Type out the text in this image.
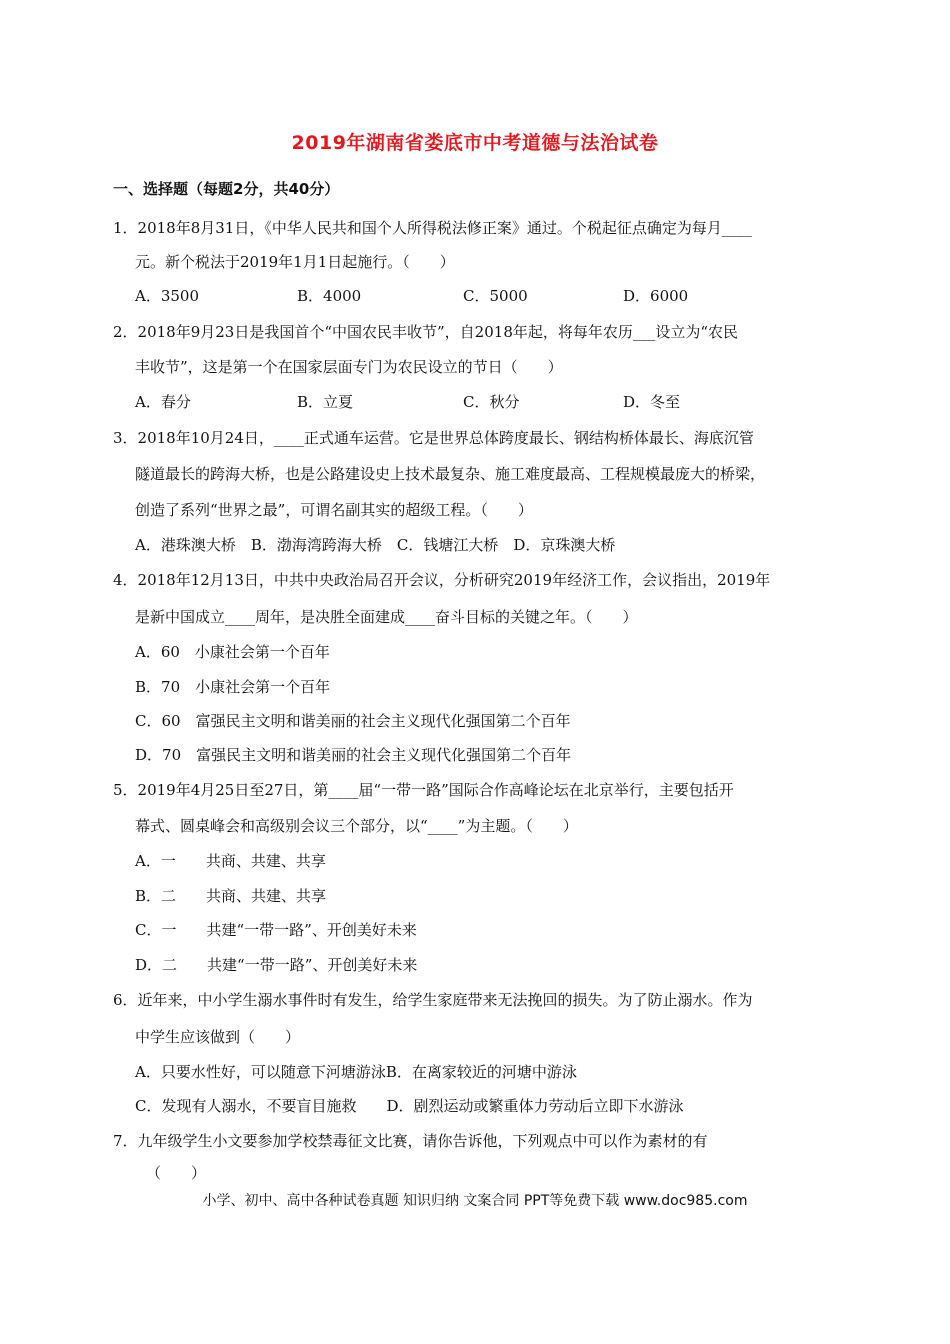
2019年湖南省娄底市中考道德与法治试卷
一、选择题（每题2分，共40分）
1．2018年8月31日，《中华人民共和国个人所得税法修正案》通过。个税起征点确定为每月____
元。新个税法于2019年1月1日起施行。（　　）
A．3500	B．4000	C．5000	D．6000
2．2018年9月23日是我国首个“中国农民丰收节”，自2018年起，将每年农历___设立为“农民
丰收节”，这是第一个在国家层面专门为农民设立的节日（　　）
A．春分	B．立夏	C．秋分	D．冬至
3．2018年10月24日，____正式通车运营。它是世界总体跨度最长、钢结构桥体最长、海底沉管
隧道最长的跨海大桥，也是公路建设史上技术最复杂、施工难度最高、工程规模最庞大的桥梁，
创造了系列“世界之最”，可谓名副其实的超级工程。（　　）
A．港珠澳大桥　B．渤海湾跨海大桥　C．钱塘江大桥　D．京珠澳大桥
4．2018年12月13日，中共中央政治局召开会议，分析研究2019年经济工作，会议指出，2019年
是新中国成立____周年，是决胜全面建成____奋斗目标的关键之年。（　　）
A．60　小康社会第一个百年
B．70　小康社会第一个百年
C．60　富强民主文明和谐美丽的社会主义现代化强国第二个百年
D．70　富强民主文明和谐美丽的社会主义现代化强国第二个百年
5．2019年4月25日至27日，第____届“一带一路”国际合作高峰论坛在北京举行，主要包括开
幕式、圆桌峰会和高级别会议三个部分，以“____”为主题。（　　）
A．一　　共商、共建、共享
B．二　　共商、共建、共享
C．一　　共建“一带一路”、开创美好未来
D．二　　共建“一带一路”、开创美好未来
6．近年来，中小学生溺水事件时有发生，给学生家庭带来无法挽回的损失。为了防止溺水。作为
中学生应该做到（　　）
A．只要水性好，可以随意下河塘游泳B．在离家较近的河塘中游泳
C．发现有人溺水，不要盲目施救　　D．剧烈运动或繁重体力劳动后立即下水游泳
7．九年级学生小文要参加学校禁毒征文比赛，请你告诉他，下列观点中可以作为素材的有
（　　）
小学、初中、高中各种试卷真题 知识归纳 文案合同 PPT等免费下载 www.doc985.com
